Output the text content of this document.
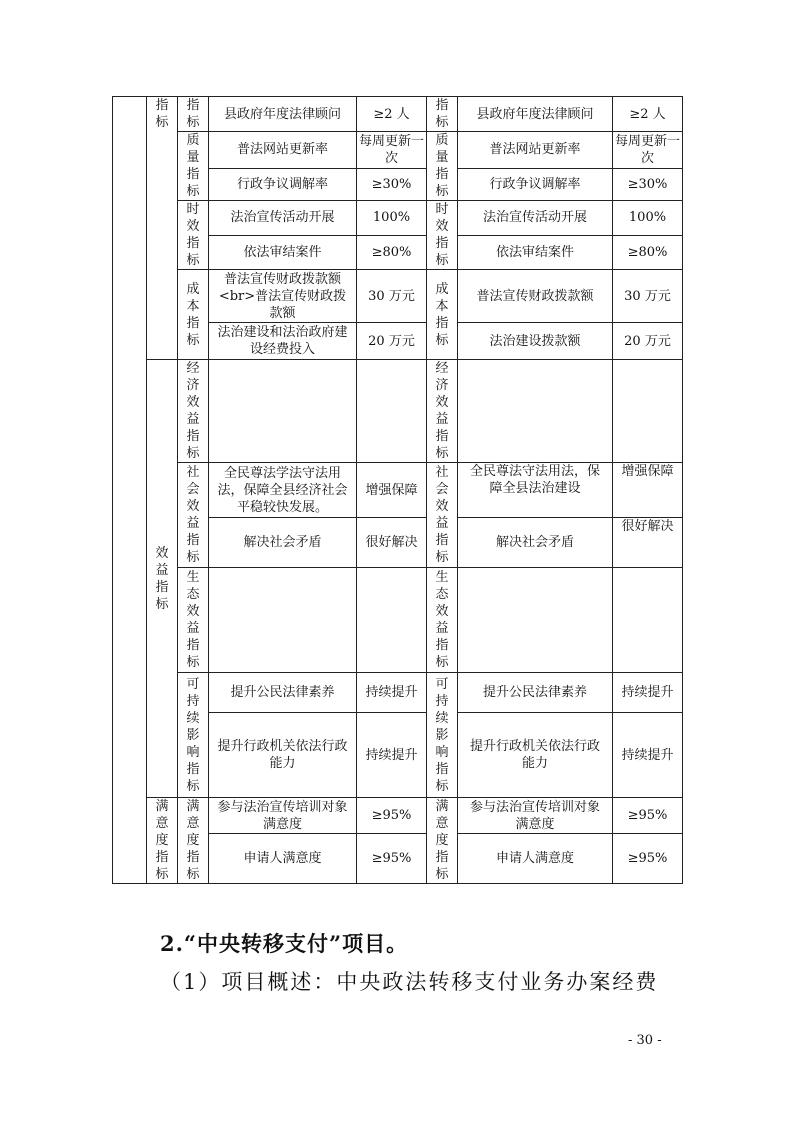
	指标	指标	县政府年度法律顾问	≥2 人	指标	县政府年度法律顾问	≥2 人

		质量指标	普法网站更新率	每周更新一次	质量指标	普法网站更新率	每周更新一次
			行政争议调解率	≥30%		行政争议调解率	≥30%

		时效指标	法治宣传活动开展	100%	时效指标	法治宣传活动开展	100%
			依法审结案件	≥80%		依法审结案件	≥80%

		成本指标	普法宣传财政拨款额<br>普法宣传财政拨款额	30 万元	成本指标	普法宣传财政拨款额	30 万元
			法治建设和法治政府建设经费投入	20 万元		法治建设拨款额	20 万元

	效益指标	经济效益指标			经济效益指标		

		社会效益指标	全民尊法学法守法用法，保障全县经济社会平稳较快发展。	增强保障	社会效益指标	全民尊法守法用法，保障全县法治建设	增强保障
			解决社会矛盾	很好解决		解决社会矛盾	很好解决

		生态效益指标			生态效益指标		

		可持续影响指标	提升公民法律素养	持续提升	可持续影响指标	提升公民法律素养	持续提升
			提升行政机关依法行政能力	持续提升		提升行政机关依法行政能力	持续提升

	满意度指标	满意度指标	参与法治宣传培训对象满意度	≥95%	满意度指标	参与法治宣传培训对象满意度	≥95%
			申请人满意度	≥95%		申请人满意度	≥95%
2.“中央转移支付”项目。
（1）项目概述：中央政法转移支付业务办案经费
- 30 -
